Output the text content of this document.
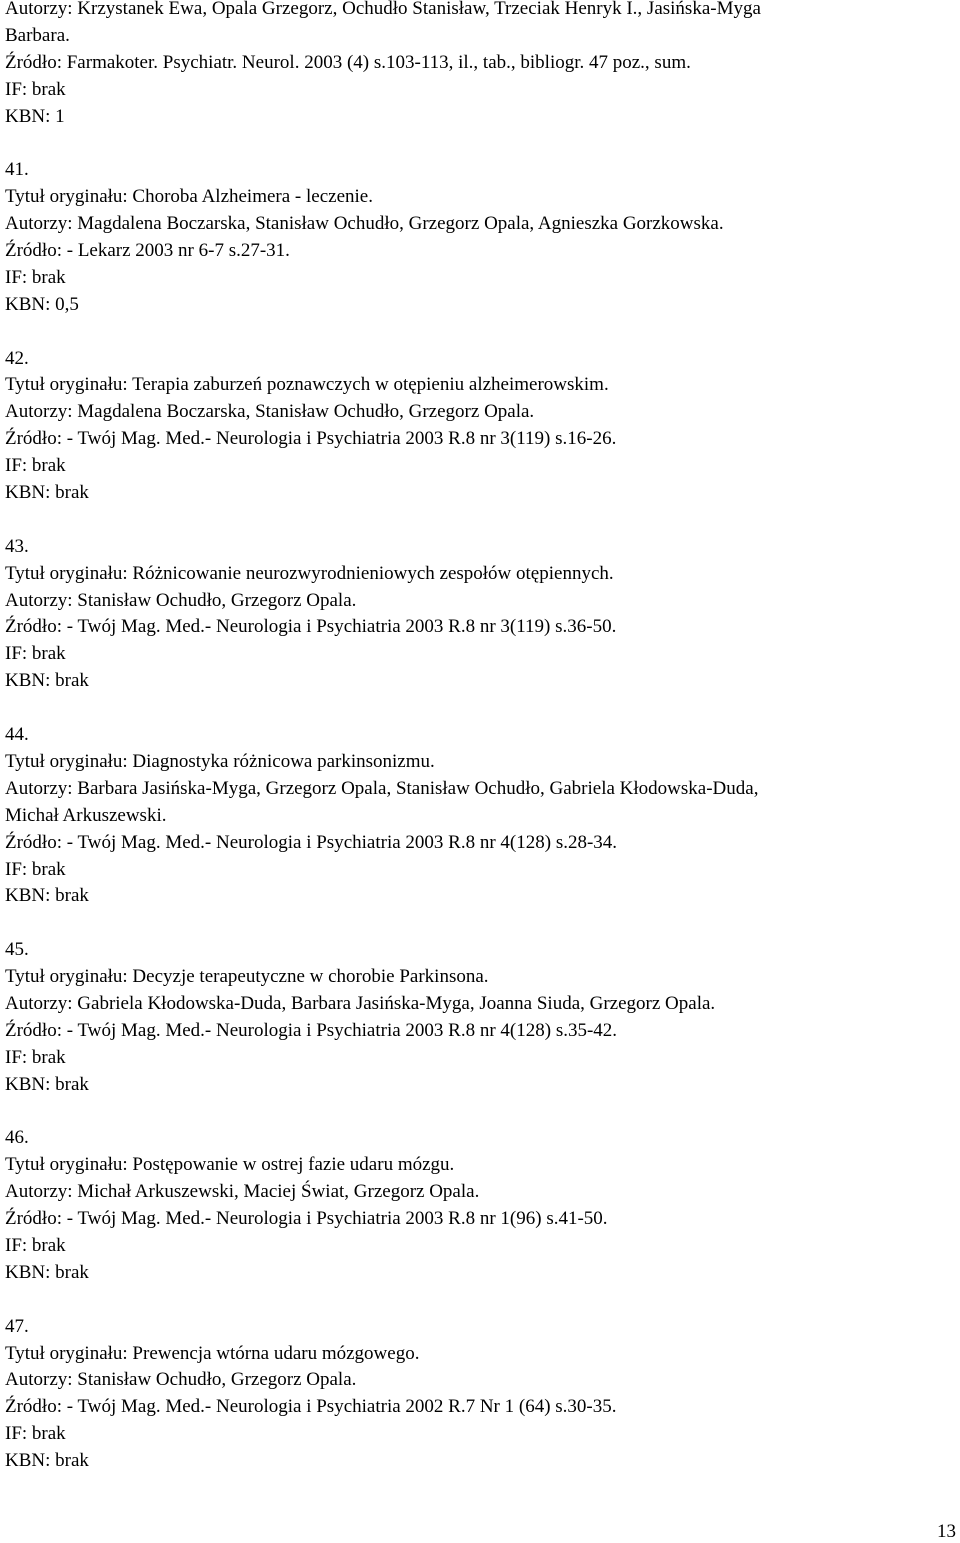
Autorzy: Krzystanek Ewa, Opala Grzegorz, Ochudło Stanisław, Trzeciak Henryk I., Jasińska-Myga
Barbara.
Źródło: Farmakoter. Psychiatr. Neurol. 2003 (4) s.103-113, il., tab., bibliogr. 47 poz., sum.
IF: brak
KBN: 1
41.
Tytuł oryginału: Choroba Alzheimera - leczenie.
Autorzy: Magdalena Boczarska, Stanisław Ochudło, Grzegorz Opala, Agnieszka Gorzkowska.
Źródło: - Lekarz 2003 nr 6-7 s.27-31.
IF: brak
KBN: 0,5
42.
Tytuł oryginału: Terapia zaburzeń poznawczych w otępieniu alzheimerowskim.
Autorzy: Magdalena Boczarska, Stanisław Ochudło, Grzegorz Opala.
Źródło: - Twój Mag. Med.- Neurologia i Psychiatria 2003 R.8 nr 3(119) s.16-26.
IF: brak
KBN: brak
43.
Tytuł oryginału: Różnicowanie neurozwyrodnieniowych zespołów otępiennych.
Autorzy: Stanisław Ochudło, Grzegorz Opala.
Źródło: - Twój Mag. Med.- Neurologia i Psychiatria 2003 R.8 nr 3(119) s.36-50.
IF: brak
KBN: brak
44.
Tytuł oryginału: Diagnostyka różnicowa parkinsonizmu.
Autorzy: Barbara Jasińska-Myga, Grzegorz Opala, Stanisław Ochudło, Gabriela Kłodowska-Duda,
Michał Arkuszewski.
Źródło: - Twój Mag. Med.- Neurologia i Psychiatria 2003 R.8 nr 4(128) s.28-34.
IF: brak
KBN: brak
45.
Tytuł oryginału: Decyzje terapeutyczne w chorobie Parkinsona.
Autorzy: Gabriela Kłodowska-Duda, Barbara Jasińska-Myga, Joanna Siuda, Grzegorz Opala.
Źródło: - Twój Mag. Med.- Neurologia i Psychiatria 2003 R.8 nr 4(128) s.35-42.
IF: brak
KBN: brak
46.
Tytuł oryginału: Postępowanie w ostrej fazie udaru mózgu.
Autorzy: Michał Arkuszewski, Maciej Świat, Grzegorz Opala.
Źródło: - Twój Mag. Med.- Neurologia i Psychiatria 2003 R.8 nr 1(96) s.41-50.
IF: brak
KBN: brak
47.
Tytuł oryginału: Prewencja wtórna udaru mózgowego.
Autorzy: Stanisław Ochudło, Grzegorz Opala.
Źródło: - Twój Mag. Med.- Neurologia i Psychiatria 2002 R.7 Nr 1 (64) s.30-35.
IF: brak
KBN: brak
13
